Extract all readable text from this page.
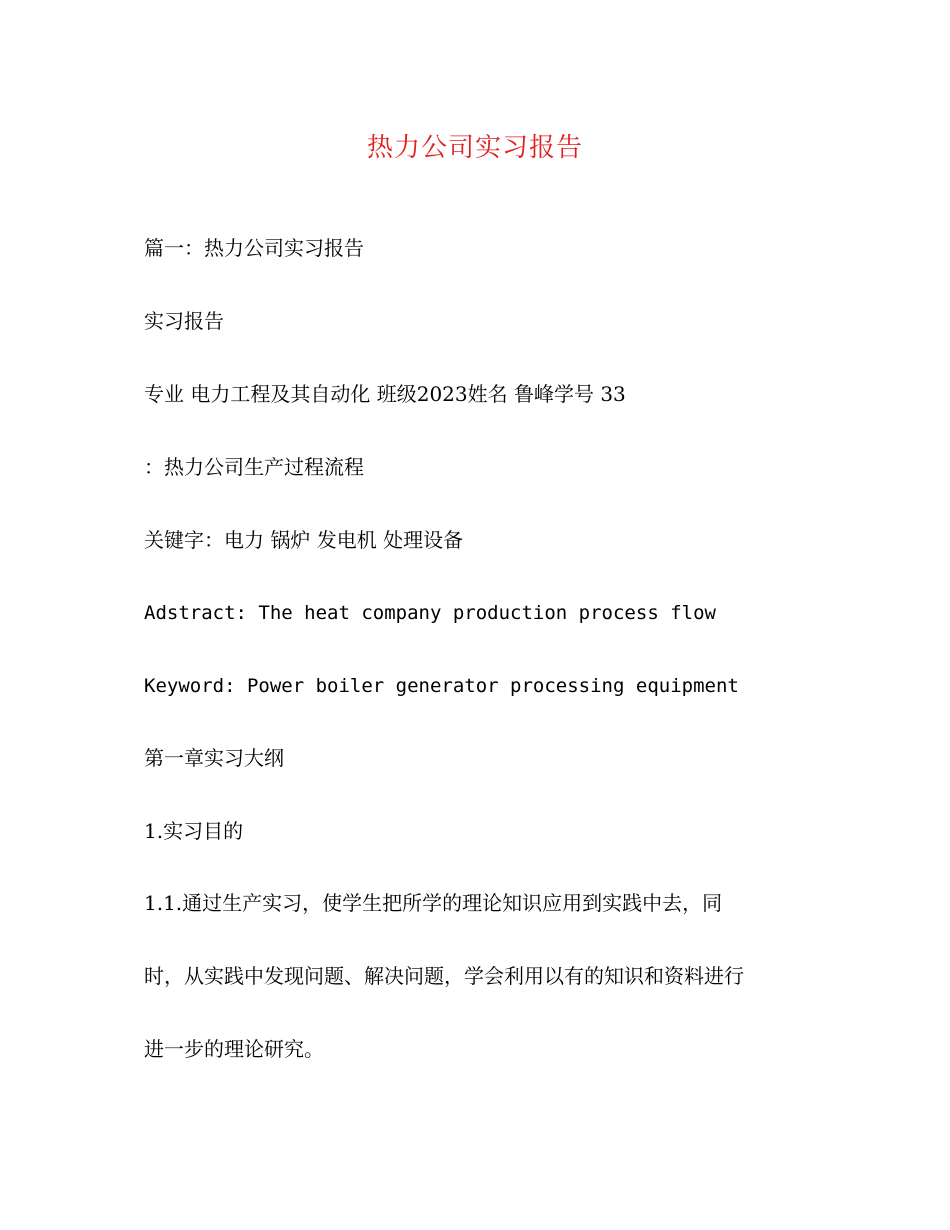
热力公司实习报告
篇一：热力公司实习报告
实习报告
专业 电力工程及其自动化 班级2023姓名 鲁峰学号 33
：热力公司生产过程流程
关键字：电力 锅炉 发电机 处理设备
Adstract: The heat company production process flow
Keyword: Power boiler generator processing equipment
第一章实习大纲
1.实习目的
1.1.通过生产实习，使学生把所学的理论知识应用到实践中去，同
时，从实践中发现问题、解决问题，学会利用以有的知识和资料进行
进一步的理论研究。
